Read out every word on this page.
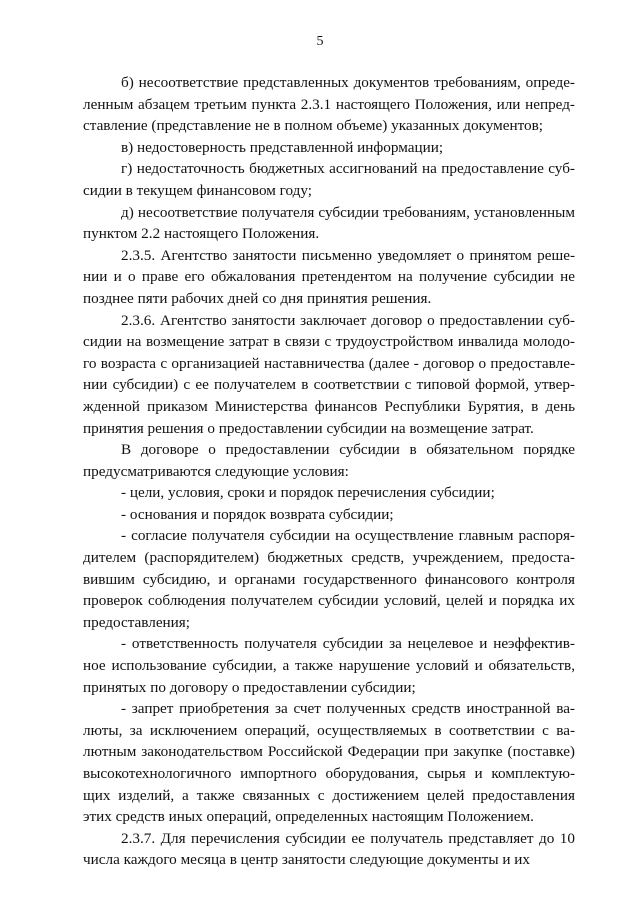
5

б) несоответствие представленных документов требованиям, опреде-ленным абзацем третьим пункта 2.3.1 настоящего Положения, или непред-ставление (представление не в полном объеме) указанных документов;

в) недостоверность представленной информации;

г) недостаточность бюджетных ассигнований на предоставление суб-сидии в текущем финансовом году;

д) несоответствие получателя субсидии требованиям, установленным пунктом 2.2 настоящего Положения.

2.3.5. Агентство занятости письменно уведомляет о принятом реше-нии и о праве его обжалования претендентом на получение субсидии не позднее пяти рабочих дней со дня принятия решения.

2.3.6. Агентство занятости заключает договор о предоставлении суб-сидии на возмещение затрат в связи с трудоустройством инвалида молодо-го возраста с организацией наставничества (далее - договор о предоставле-нии субсидии) с ее получателем в соответствии с типовой формой, утвер-жденной приказом Министерства финансов Республики Бурятия, в день принятия решения о предоставлении субсидии на возмещение затрат.

В договоре о предоставлении субсидии в обязательном порядке предусматриваются следующие условия:

- цели, условия, сроки и порядок перечисления субсидии;

- основания и порядок возврата субсидии;

- согласие получателя субсидии на осуществление главным распоря-дителем (распорядителем) бюджетных средств, учреждением, предоста-вившим субсидию, и органами государственного финансового контроля проверок соблюдения получателем субсидии условий, целей и порядка их предоставления;

- ответственность получателя субсидии за нецелевое и неэффектив-ное использование субсидии, а также нарушение условий и обязательств, принятых по договору о предоставлении субсидии;

- запрет приобретения за счет полученных средств иностранной ва-люты, за исключением операций, осуществляемых в соответствии с ва-лютным законодательством Российской Федерации при закупке (поставке) высокотехнологичного импортного оборудования, сырья и комплектую-щих изделий, а также связанных с достижением целей предоставления этих средств иных операций, определенных настоящим Положением.

2.3.7. Для перечисления субсидии ее получатель представляет до 10 числа каждого месяца в центр занятости следующие документы и их
